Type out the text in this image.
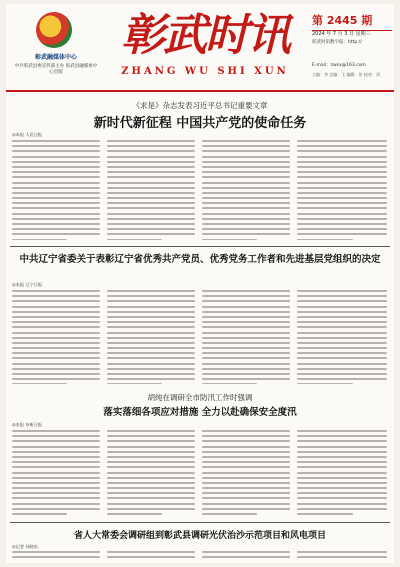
彰武融媒体中心
中共彰武县委宣传部主办 彰武县融媒体中心出版
彰武时讯
ZHANG WU SHI XUN
第 2445 期
2024 年 7 月 3 日 星期三
彰武时讯数字报：http://
E-mail：zwsx@163.com
主编：李 总编：王 编辑：张 校对：刘
《求是》杂志发表习近平总书记重要文章
新时代新征程 中国共产党的使命任务
◎本报 人民日报
中共辽宁省委关于表彰辽宁省优秀共产党员、优秀党务工作者和先进基层党组织的决定
◎本报 辽宁日报
胡纯在调研全市防汛工作时强调
落实落细各项应对措施 全力以赴确保安全度汛
◎本报 阜新日报
省人大常委会调研组到彰武县调研光伏治沙示范项目和风电项目
◎记者 孙晓东
